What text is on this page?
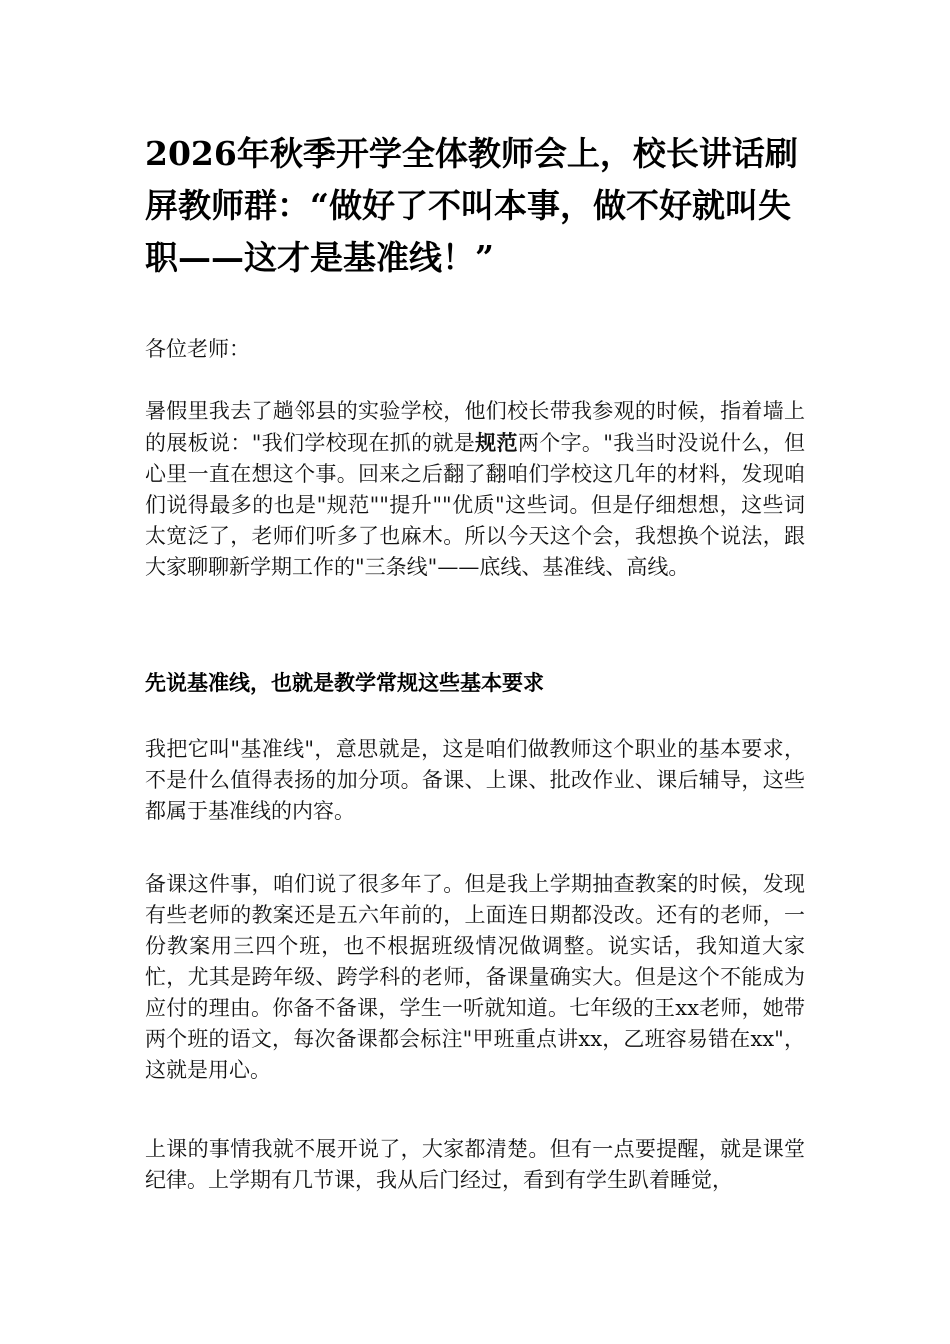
2026年秋季开学全体教师会上，校长讲话刷屏教师群：“做好了不叫本事，做不好就叫失职——这才是基准线！”

各位老师：

暑假里我去了趟邻县的实验学校，他们校长带我参观的时候，指着墙上的展板说："我们学校现在抓的就是规范两个字。"我当时没说什么，但心里一直在想这个事。回来之后翻了翻咱们学校这几年的材料，发现咱们说得最多的也是"规范""提升""优质"这些词。但是仔细想想，这些词太宽泛了，老师们听多了也麻木。所以今天这个会，我想换个说法，跟大家聊聊新学期工作的"三条线"——底线、基准线、高线。

先说基准线，也就是教学常规这些基本要求

我把它叫"基准线"，意思就是，这是咱们做教师这个职业的基本要求，不是什么值得表扬的加分项。备课、上课、批改作业、课后辅导，这些都属于基准线的内容。

备课这件事，咱们说了很多年了。但是我上学期抽查教案的时候，发现有些老师的教案还是五六年前的，上面连日期都没改。还有的老师，一份教案用三四个班，也不根据班级情况做调整。说实话，我知道大家忙，尤其是跨年级、跨学科的老师，备课量确实大。但是这个不能成为应付的理由。你备不备课，学生一听就知道。七年级的王xx老师，她带两个班的语文，每次备课都会标注"甲班重点讲xx，乙班容易错在xx"，这就是用心。

上课的事情我就不展开说了，大家都清楚。但有一点要提醒，就是课堂纪律。上学期有几节课，我从后门经过，看到有学生趴着睡觉，
